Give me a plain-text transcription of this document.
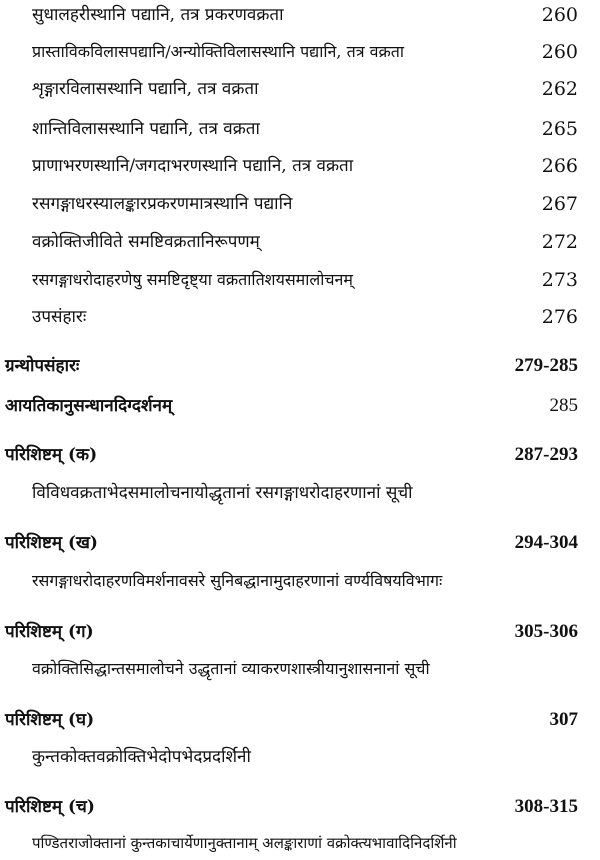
सुधालहरीस्थानि पद्यानि, तत्र प्रकरणवक्रता	260
प्रास्ताविकविलासपद्यानि/अन्योक्तिविलासस्थानि पद्यानि, तत्र वक्रता	260
शृङ्गारविलासस्थानि पद्यानि, तत्र वक्रता	262
शान्तिविलासस्थानि पद्यानि, तत्र वक्रता	265
प्राणाभरणस्थानि/जगदाभरणस्थानि पद्यानि, तत्र वक्रता	266
रसगङ्गाधरस्यालङ्कारप्रकरणमात्रस्थानि पद्यानि	267
वक्रोक्तिजीविते समष्टिवक्रतानिरूपणम्	272
रसगङ्गाधरोदाहरणेषु समष्टिदृष्ट्या वक्रतातिशयसमालोचनम्	273
उपसंहारः	276
ग्रन्थोपसंहारः	279-285
आयतिकानुसन्धानदिग्दर्शनम्	285
परिशिष्टम् (क)	287-293
विविधवक्रताभेदसमालोचनायोद्धृतानां रसगङ्गाधरोदाहरणानां सूची
परिशिष्टम् (ख)	294-304
रसगङ्गाधरोदाहरणविमर्शनावसरे सुनिबद्धानामुदाहरणानां वर्ण्यविषयविभागः
परिशिष्टम् (ग)	305-306
वक्रोक्तिसिद्धान्तसमालोचने उद्धृतानां व्याकरणशास्त्रीयानुशासनानां सूची
परिशिष्टम् (घ)	307
कुन्तकोक्तवक्रोक्तिभेदोपभेदप्रदर्शिनी
परिशिष्टम् (च)	308-315
पण्डितराजोक्तानां कुन्तकाचार्येणानुक्तानाम् अलङ्काराणां वक्रोक्त्यभावादिनिदर्शिनी
